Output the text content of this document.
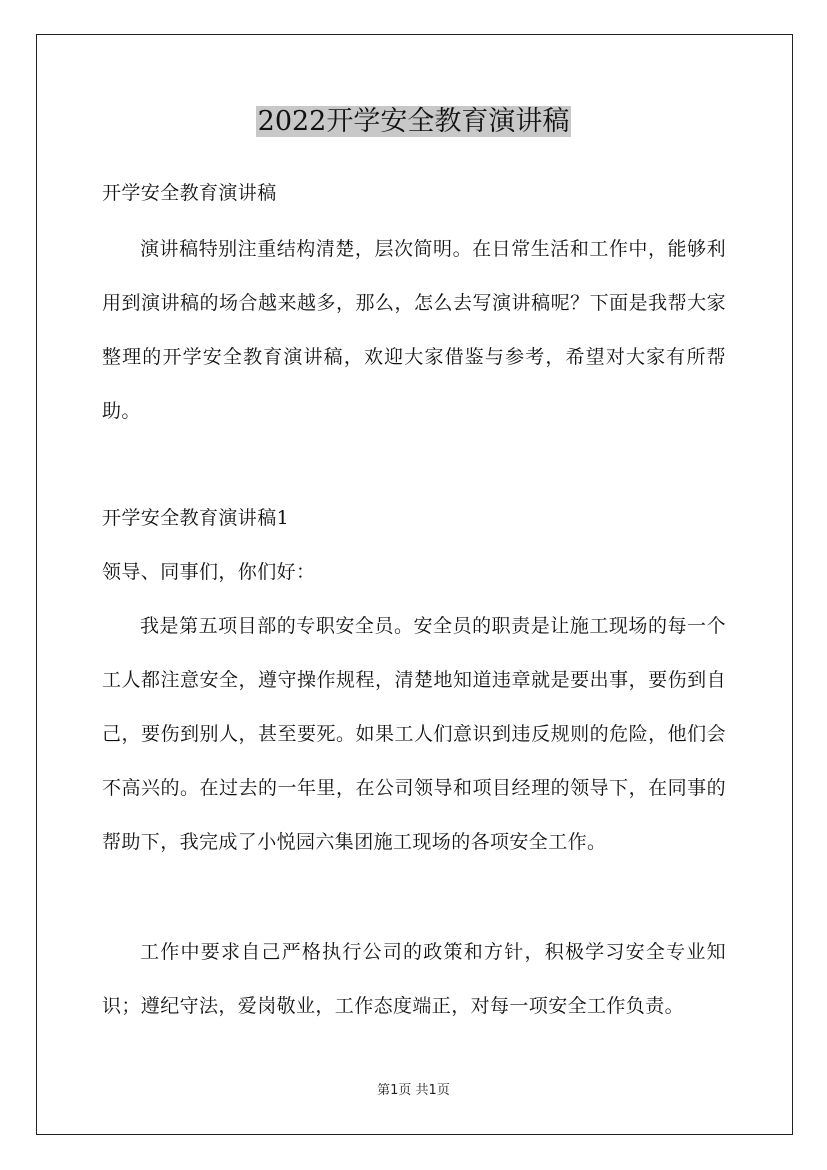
2022开学安全教育演讲稿

开学安全教育演讲稿

演讲稿特别注重结构清楚，层次简明。在日常生活和工作中，能够利用到演讲稿的场合越来越多，那么，怎么去写演讲稿呢？下面是我帮大家整理的开学安全教育演讲稿，欢迎大家借鉴与参考，希望对大家有所帮助。

开学安全教育演讲稿1

领导、同事们，你们好：

我是第五项目部的专职安全员。安全员的职责是让施工现场的每一个工人都注意安全，遵守操作规程，清楚地知道违章就是要出事，要伤到自己，要伤到别人，甚至要死。如果工人们意识到违反规则的危险，他们会不高兴的。在过去的一年里，在公司领导和项目经理的领导下，在同事的帮助下，我完成了小悦园六集团施工现场的各项安全工作。

工作中要求自己严格执行公司的政策和方针，积极学习安全专业知识；遵纪守法，爱岗敬业，工作态度端正，对每一项安全工作负责。

第1页 共1页
